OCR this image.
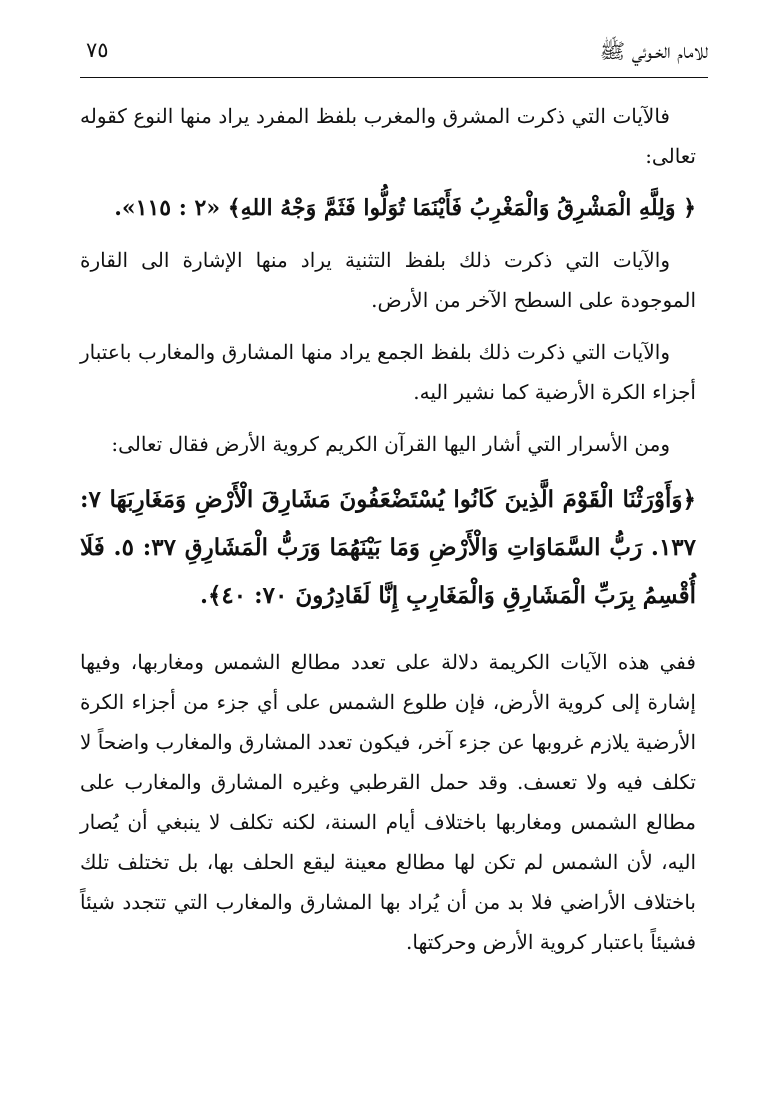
للامام الخـوئي ﷺ
٧٥

فالآيات التي ذكرت المشرق والمغرب بلفظ المفرد يراد منها النوع كقوله تعالى:

﴿ وَلِلَّهِ الْمَشْرِقُ وَالْمَغْرِبُ فَأَيْنَمَا تُوَلُّوا فَثَمَّ وَجْهُ اللهِ﴾ «٢ : ١١٥».

والآيات التي ذكرت ذلك بلفظ التثنية يراد منها الإشارة الى القارة الموجودة على السطح الآخر من الأرض.

والآيات التي ذكرت ذلك بلفظ الجمع يراد منها المشارق والمغارب باعتبار أجزاء الكرة الأرضية كما نشير اليه.

ومن الأسرار التي أشار اليها القرآن الكريم كروية الأرض فقال تعالى:

﴿وَأَوْرَثْنَا الْقَوْمَ الَّذِينَ كَانُوا يُسْتَضْعَفُونَ مَشَارِقَ الْأَرْضِ وَمَغَارِبَهَا ٧: ١٣٧. رَبُّ السَّمَاوَاتِ وَالْأَرْضِ وَمَا بَيْنَهُمَا وَرَبُّ الْمَشَارِقِ ٣٧: ٥. فَلَا أُقْسِمُ بِرَبِّ الْمَشَارِقِ وَالْمَغَارِبِ إِنَّا لَقَادِرُونَ ٧٠: ٤٠﴾.

ففي هذه الآيات الكريمة دلالة على تعدد مطالع الشمس ومغاربها، وفيها إشارة إلى كروية الأرض، فإن طلوع الشمس على أي جزء من أجزاء الكرة الأرضية يلازم غروبها عن جزء آخر، فيكون تعدد المشارق والمغارب واضحاً لا تكلف فيه ولا تعسف. وقد حمل القرطبي وغيره المشارق والمغارب على مطالع الشمس ومغاربها باختلاف أيام السنة، لكنه تكلف لا ينبغي أن يُصار اليه، لأن الشمس لم تكن لها مطالع معينة ليقع الحلف بها، بل تختلف تلك باختلاف الأراضي فلا بد من أن يُراد بها المشارق والمغارب التي تتجدد شيئاً فشيئاً باعتبار كروية الأرض وحركتها.
